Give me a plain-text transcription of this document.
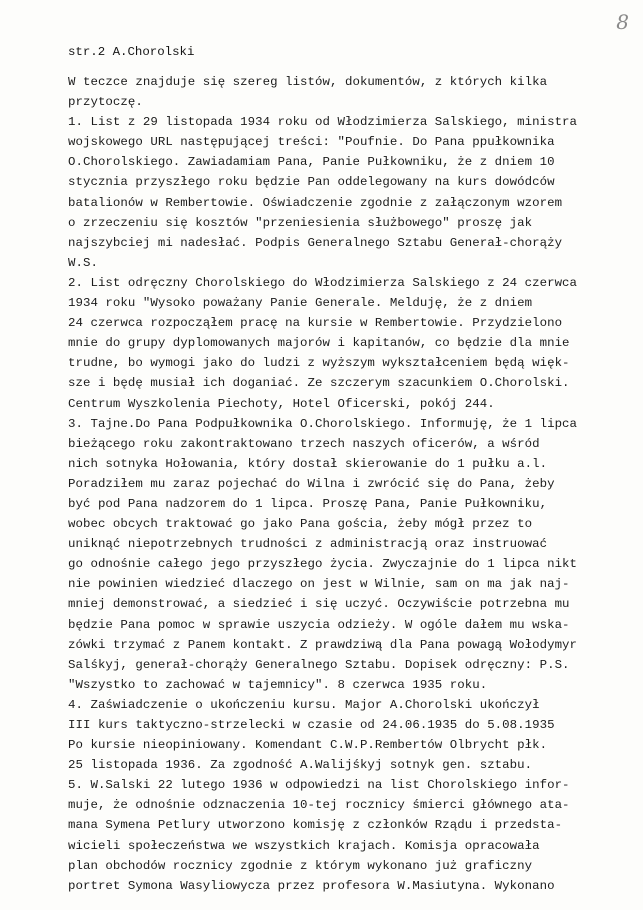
8
str.2 A.Chorolski
W teczce znajduje się szereg listów, dokumentów, z których kilka
przytoczę.
1. List z 29 listopada 1934 roku od Włodzimierza Salskiego, ministra
wojskowego URL następującej treści: "Poufnie. Do Pana ppułkownika
O.Chorolskiego. Zawiadamiam Pana, Panie Pułkowniku, że z dniem 10
stycznia przyszłego roku będzie Pan oddelegowany na kurs dowódców
batalionów w Rembertowie. Oświadczenie zgodnie z załączonym wzorem
o zrzeczeniu się kosztów "przeniesienia służbowego" proszę jak
najszybciej mi nadesłać. Podpis Generalnego Sztabu Generał-chorąży
W.S.
2. List odręczny Chorolskiego do Włodzimierza Salskiego z 24 czerwca
1934 roku "Wysoko poważany Panie Generale. Melduję, że z dniem
24 czerwca rozpocząłem pracę na kursie w Rembertowie. Przydzielono
mnie do grupy dyplomowanych majorów i kapitanów, co będzie dla mnie
trudne, bo wymogi jako do ludzi z wyższym wykształceniem będą więk-
sze i będę musiał ich doganiać. Ze szczerym szacunkiem O.Chorolski.
Centrum Wyszkolenia Piechoty, Hotel Oficerski, pokój 244.
3. Tajne.Do Pana Podpułkownika O.Chorolskiego. Informuję, że 1 lipca
bieżącego roku zakontraktowano trzech naszych oficerów, a wśród
nich sotnyka Hołowania, który dostał skierowanie do 1 pułku a.l.
Poradziłem mu zaraz pojechać do Wilna i zwrócić się do Pana, żeby
być pod Pana nadzorem do 1 lipca. Proszę Pana, Panie Pułkowniku,
wobec obcych traktować go jako Pana gościa, żeby mógł przez to
uniknąć niepotrzebnych trudności z administracją oraz instruować
go odnośnie całego jego przyszłego życia. Zwyczajnie do 1 lipca nikt
nie powinien wiedzieć dlaczego on jest w Wilnie, sam on ma jak naj-
mniej demonstrować, a siedzieć i się uczyć. Oczywiście potrzebna mu
będzie Pana pomoc w sprawie uszycia odzieży. W ogóle dałem mu wska-
zówki trzymać z Panem kontakt. Z prawdziwą dla Pana powagą Wołodymyr
Salśkyj, generał-chorąży Generalnego Sztabu. Dopisek odręczny: P.S.
"Wszystko to zachować w tajemnicy". 8 czerwca 1935 roku.
4. Zaświadczenie o ukończeniu kursu. Major A.Chorolski ukończył
III kurs taktyczno-strzelecki w czasie od 24.06.1935 do 5.08.1935
Po kursie nieopiniowany. Komendant C.W.P.Rembertów Olbrycht płk.
25 listopada 1936. Za zgodność A.Walijśkyj sotnyk gen. sztabu.
5. W.Salski 22 lutego 1936 w odpowiedzi na list Chorolskiego infor-
muje, że odnośnie odznaczenia 10-tej rocznicy śmierci głównego ata-
mana Symena Petlury utworzono komisję z członków Rządu i przedsta-
wicieli społeczeństwa we wszystkich krajach. Komisja opracowała
plan obchodów rocznicy zgodnie z którym wykonano już graficzny
portret Symona Wasyliowycza przez profesora W.Masiutyna. Wykonano
